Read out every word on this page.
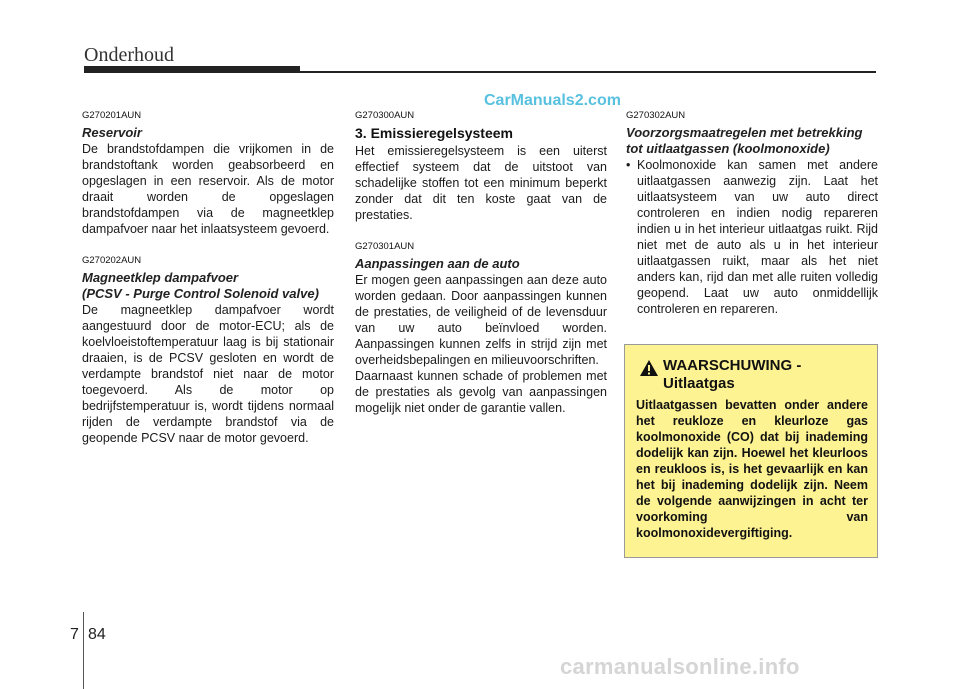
Onderhoud
CarManuals2.com

G270201AUN

Reservoir

De brandstofdampen die vrijkomen in de brandstoftank worden geabsorbeerd en opgeslagen in een reservoir. Als de motor draait worden de opgeslagen brandstofdampen via de magneetklep dampafvoer naar het inlaatsysteem gevoerd.

G270202AUN

Magneetklep dampafvoer

(PCSV - Purge Control Solenoid valve)

De magneetklep dampafvoer wordt aangestuurd door de motor-ECU; als de koelvloeistoftemperatuur laag is bij stationair draaien, is de PCSV gesloten en wordt de verdampte brandstof niet naar de motor toegevoerd. Als de motor op bedrijfstemperatuur is, wordt tijdens normaal rijden de verdampte brandstof via de geopende PCSV naar de motor gevoerd.

G270300AUN

3. Emissieregelsysteem

Het emissieregelsysteem is een uiterst effectief systeem dat de uitstoot van schadelijke stoffen tot een minimum beperkt zonder dat dit ten koste gaat van de prestaties.

G270301AUN

Aanpassingen aan de auto

Er mogen geen aanpassingen aan deze auto worden gedaan. Door aanpassingen kunnen de prestaties, de veiligheid of de levensduur van uw auto beïnvloed worden. Aanpassingen kunnen zelfs in strijd zijn met overheidsbepalingen en milieuvoorschriften.

Daarnaast kunnen schade of problemen met de prestaties als gevolg van aanpassingen mogelijk niet onder de garantie vallen.

G270302AUN

Voorzorgsmaatregelen met betrekking tot uitlaatgassen (koolmonoxide)

• Koolmonoxide kan samen met andere uitlaatgassen aanwezig zijn. Laat het uitlaatsysteem van uw auto direct controleren en indien nodig repareren indien u in het interieur uitlaatgas ruikt. Rijd niet met de auto als u in het interieur uitlaatgassen ruikt, maar als het niet anders kan, rijd dan met alle ruiten volledig geopend. Laat uw auto onmiddellijk controleren en repareren.
WAARSCHUWING - Uitlaatgas
Uitlaatgassen bevatten onder andere het reukloze en kleurloze gas koolmonoxide (CO) dat bij inademing dodelijk kan zijn. Hoewel het kleurloos en reukloos is, is het gevaarlijk en kan het bij inademing dodelijk zijn. Neem de volgende aanwijzingen in acht ter voorkoming van koolmonoxidevergiftiging.
7 84
carmanualsonline.info
